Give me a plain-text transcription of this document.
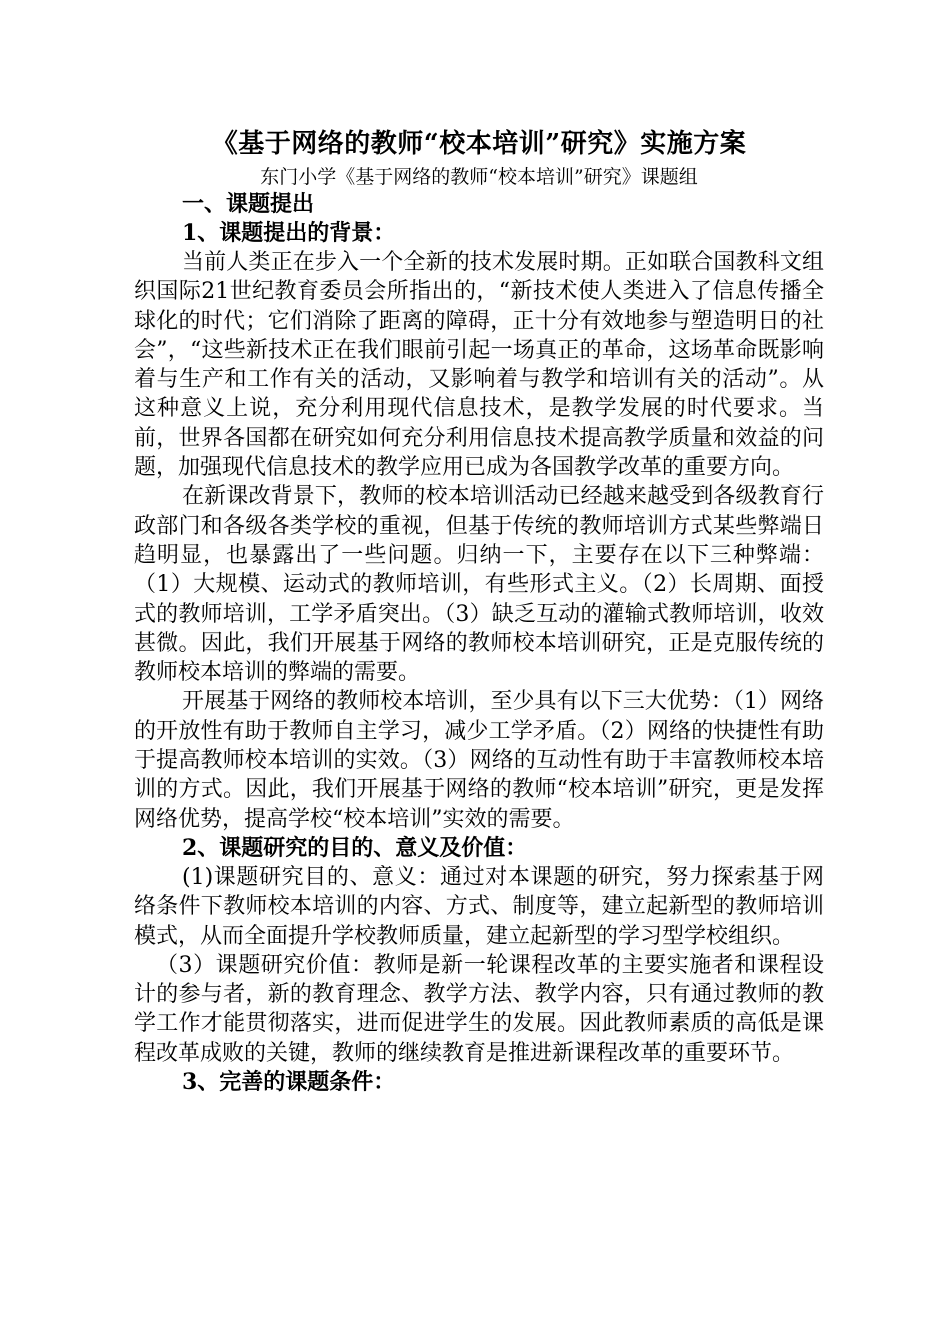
《基于网络的教师“校本培训”研究》实施方案

东门小学《基于网络的教师“校本培训”研究》课题组

一、课题提出

1、课题提出的背景：

当前人类正在步入一个全新的技术发展时期。正如联合国教科文组织国际21世纪教育委员会所指出的，“新技术使人类进入了信息传播全球化的时代；它们消除了距离的障碍，正十分有效地参与塑造明日的社会”，“这些新技术正在我们眼前引起一场真正的革命，这场革命既影响着与生产和工作有关的活动，又影响着与教学和培训有关的活动”。从这种意义上说，充分利用现代信息技术，是教学发展的时代要求。当前，世界各国都在研究如何充分利用信息技术提高教学质量和效益的问题，加强现代信息技术的教学应用已成为各国教学改革的重要方向。

在新课改背景下，教师的校本培训活动已经越来越受到各级教育行政部门和各级各类学校的重视，但基于传统的教师培训方式某些弊端日趋明显，也暴露出了一些问题。归纳一下，主要存在以下三种弊端：（1）大规模、运动式的教师培训，有些形式主义。（2）长周期、面授式的教师培训，工学矛盾突出。（3）缺乏互动的灌输式教师培训，收效甚微。因此，我们开展基于网络的教师校本培训研究，正是克服传统的教师校本培训的弊端的需要。

开展基于网络的教师校本培训，至少具有以下三大优势：（1）网络的开放性有助于教师自主学习，减少工学矛盾。（2）网络的快捷性有助于提高教师校本培训的实效。（3）网络的互动性有助于丰富教师校本培训的方式。因此，我们开展基于网络的教师“校本培训”研究，更是发挥网络优势，提高学校“校本培训”实效的需要。

2、课题研究的目的、意义及价值：

(1)课题研究目的、意义：通过对本课题的研究，努力探索基于网络条件下教师校本培训的内容、方式、制度等，建立起新型的教师培训模式，从而全面提升学校教师质量，建立起新型的学习型学校组织。

（3）课题研究价值：教师是新一轮课程改革的主要实施者和课程设计的参与者，新的教育理念、教学方法、教学内容，只有通过教师的教学工作才能贯彻落实，进而促进学生的发展。因此教师素质的高低是课程改革成败的关键，教师的继续教育是推进新课程改革的重要环节。

3、完善的课题条件：
